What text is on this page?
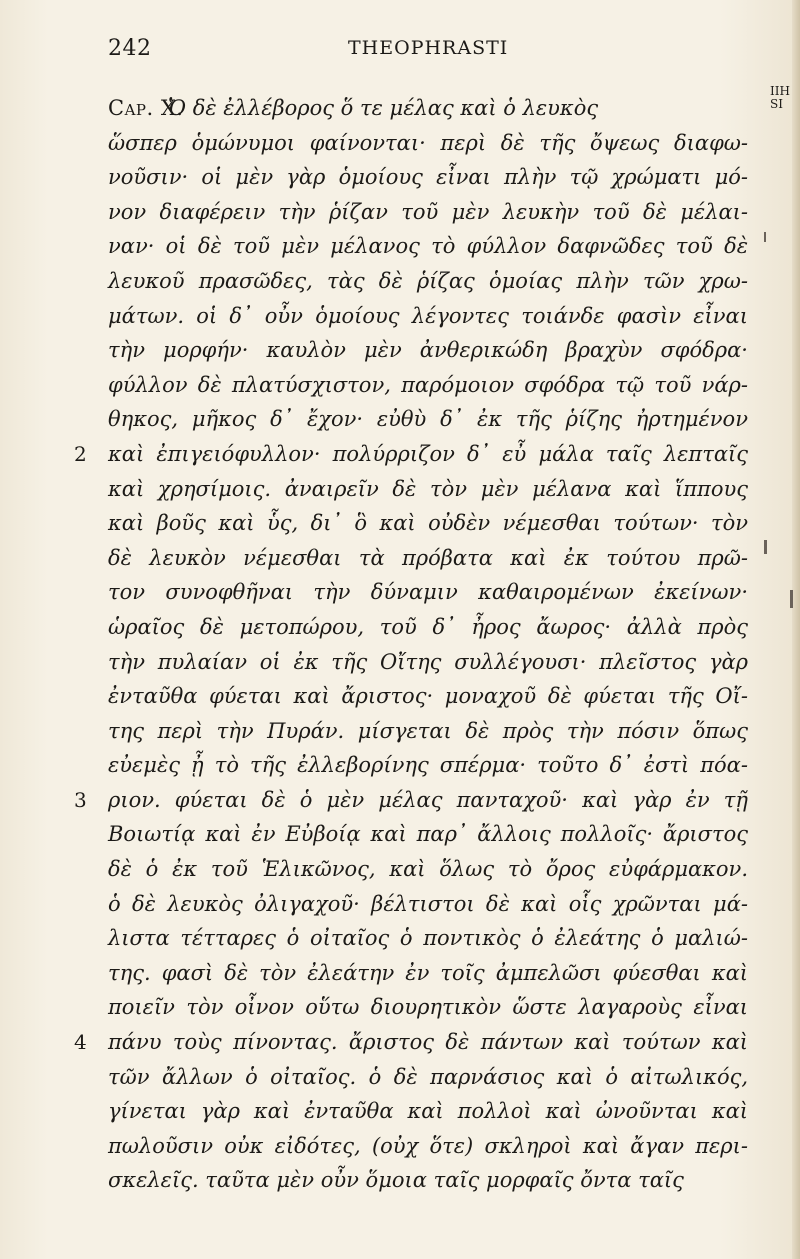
242	THEOPHRASTI
Cap. X.
IIH
SI
Ὁ δὲ ἐλλέβορος ὅ τε μέλας καὶ ὁ λευκὸς
ὥσπερ ὁμώνυμοι φαίνονται· περὶ δὲ τῆς ὄψεως διαφω-
νοῦσιν· οἱ μὲν γὰρ ὁμοίους εἶναι πλὴν τῷ χρώματι μό-
νον διαφέρειν τὴν ῥίζαν τοῦ μὲν λευκὴν τοῦ δὲ μέλαι-
ναν· οἱ δὲ τοῦ μὲν μέλανος τὸ φύλλον δαφνῶδες τοῦ δὲ
λευκοῦ πρασῶδες, τὰς δὲ ῥίζας ὁμοίας πλὴν τῶν χρω-
μάτων. οἱ δ᾽ οὖν ὁμοίους λέγοντες τοιάνδε φασὶν εἶναι
τὴν μορφήν· καυλὸν μὲν ἀνθερικώδη βραχὺν σφόδρα·
φύλλον δὲ πλατύσχιστον, παρόμοιον σφόδρα τῷ τοῦ νάρ-
θηκος, μῆκος δ᾽ ἔχον· εὐθὺ δ᾽ ἐκ τῆς ῥίζης ἠρτημένον
2 καὶ ἐπιγειόφυλλον· πολύρριζον δ᾽ εὖ μάλα ταῖς λεπταῖς
καὶ χρησίμοις. ἀναιρεῖν δὲ τὸν μὲν μέλανα καὶ ἵππους
καὶ βοῦς καὶ ὗς, δι᾽ ὃ καὶ οὐδὲν νέμεσθαι τούτων· τὸν
δὲ λευκὸν νέμεσθαι τὰ πρόβατα καὶ ἐκ τούτου πρῶ-
τον συνοφθῆναι τὴν δύναμιν καθαιρομένων ἐκείνων·
ὡραῖος δὲ μετοπώρου, τοῦ δ᾽ ἦρος ἄωρος· ἀλλὰ πρὸς
τὴν πυλαίαν οἱ ἐκ τῆς Οἴτης συλλέγουσι· πλεῖστος γὰρ
ἐνταῦθα φύεται καὶ ἄριστος· μοναχοῦ δὲ φύεται τῆς Οἴ-
της περὶ τὴν Πυράν. μίσγεται δὲ πρὸς τὴν πόσιν ὅπως
εὐεμὲς ᾖ τὸ τῆς ἐλλεβορίνης σπέρμα· τοῦτο δ᾽ ἐστὶ πόα-
3 ριον. φύεται δὲ ὁ μὲν μέλας πανταχοῦ· καὶ γὰρ ἐν τῇ
Βοιωτίᾳ καὶ ἐν Εὐβοίᾳ καὶ παρ᾽ ἄλλοις πολλοῖς· ἄριστος
δὲ ὁ ἐκ τοῦ Ἑλικῶνος, καὶ ὅλως τὸ ὄρος εὐφάρμακον.
ὁ δὲ λευκὸς ὀλιγαχοῦ· βέλτιστοι δὲ καὶ οἷς χρῶνται μά-
λιστα τέτταρες ὁ οἰταῖος ὁ ποντικὸς ὁ ἐλεάτης ὁ μαλιώ-
της. φασὶ δὲ τὸν ἐλεάτην ἐν τοῖς ἀμπελῶσι φύεσθαι καὶ
ποιεῖν τὸν οἶνον οὕτω διουρητικὸν ὥστε λαγαροὺς εἶναι
4 πάνυ τοὺς πίνοντας. ἄριστος δὲ πάντων καὶ τούτων καὶ
τῶν ἄλλων ὁ οἰταῖος. ὁ δὲ παρνάσιος καὶ ὁ αἰτωλικός,
γίνεται γὰρ καὶ ἐνταῦθα καὶ πολλοὶ καὶ ὠνοῦνται καὶ
πωλοῦσιν οὐκ εἰδότες, (οὐχ ὅτε) σκληροὶ καὶ ἄγαν περι-
σκελεῖς. ταῦτα μὲν οὖν ὅμοια ταῖς μορφαῖς ὄντα ταῖς
